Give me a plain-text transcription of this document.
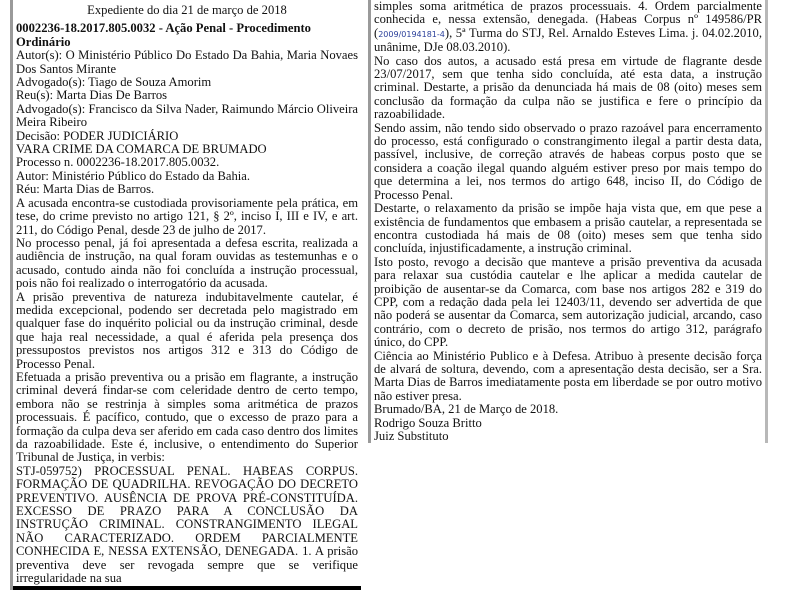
Expediente do dia 21 de março de 2018

0002236-18.2017.805.0032 - Ação Penal - Procedimento Ordinário

Autor(s): O Ministério Público Do Estado Da Bahia, Maria Novaes Dos Santos Mirante

Advogado(s): Tiago de Souza Amorim

Reu(s): Marta Dias De Barros

Advogado(s): Francisco da Silva Nader, Raimundo Márcio Oliveira Meira Ribeiro

Decisão: PODER JUDICIÁRIO

VARA CRIME DA COMARCA DE BRUMADO

Processo n. 0002236-18.2017.805.0032.

Autor: Ministério Público do Estado da Bahia.

Réu: Marta Dias de Barros.

A acusada encontra-se custodiada provisoriamente pela prática, em tese, do crime previsto no artigo 121, § 2º, inciso I, III e IV, e art. 211, do Código Penal, desde 23 de julho de 2017.

No processo penal, já foi apresentada a defesa escrita, realizada a audiência de instrução, na qual foram ouvidas as testemunhas e o acusado, contudo ainda não foi concluída a instrução processual, pois não foi realizado o interrogatório da acusada.

A prisão preventiva de natureza indubitavelmente cautelar, é medida excepcional, podendo ser decretada pelo magistrado em qualquer fase do inquérito policial ou da instrução criminal, desde que haja real necessidade, a qual é aferida pela presença dos pressupostos previstos nos artigos 312 e 313 do Código de Processo Penal.

Efetuada a prisão preventiva ou a prisão em flagrante, a instrução criminal deverá findar-se com celeridade dentro de certo tempo, embora não se restrinja à simples soma aritmética de prazos processuais. É pacífico, contudo, que o excesso de prazo para a formação da culpa deva ser aferido em cada caso dentro dos limites da razoabilidade. Este é, inclusive, o entendimento do Superior Tribunal de Justiça, in verbis:

STJ-059752) PROCESSUAL PENAL. HABEAS CORPUS. FORMAÇÃO DE QUADRILHA. REVOGAÇÃO DO DECRETO PREVENTIVO. AUSÊNCIA DE PROVA PRÉ-CONSTITUÍDA. EXCESSO DE PRAZO PARA A CONCLUSÃO DA INSTRUÇÃO CRIMINAL. CONSTRANGIMENTO ILEGAL NÃO CARACTERIZADO. ORDEM PARCIALMENTE CONHECIDA E, NESSA EXTENSÃO, DENEGADA. 1. A prisão preventiva deve ser revogada sempre que se verifique irregularidade na sua

simples soma aritmética de prazos processuais. 4. Ordem parcialmente conhecida e, nessa extensão, denegada. (Habeas Corpus nº 149586/PR (2009/0194181-4), 5ª Turma do STJ, Rel. Arnaldo Esteves Lima. j. 04.02.2010, unânime, DJe 08.03.2010).

No caso dos autos, a acusado está presa em virtude de flagrante desde 23/07/2017, sem que tenha sido concluída, até esta data, a instrução criminal. Destarte, a prisão da denunciada há mais de 08 (oito) meses sem conclusão da formação da culpa não se justifica e fere o princípio da razoabilidade.

Sendo assim, não tendo sido observado o prazo razoável para encerramento do processo, está configurado o constrangimento ilegal a partir desta data, passível, inclusive, de correção através de habeas corpus posto que se considera a coação ilegal quando alguém estiver preso por mais tempo do que determina a lei, nos termos do artigo 648, inciso II, do Código de Processo Penal.

Destarte, o relaxamento da prisão se impõe haja vista que, em que pese a existência de fundamentos que embasem a prisão cautelar, a representada se encontra custodiada há mais de 08 (oito) meses sem que tenha sido concluída, injustificadamente, a instrução criminal.

Isto posto, revogo a decisão que manteve a prisão preventiva da acusada para relaxar sua custódia cautelar e lhe aplicar a medida cautelar de proibição de ausentar-se da Comarca, com base nos artigos 282 e 319 do CPP, com a redação dada pela lei 12403/11, devendo ser advertida de que não poderá se ausentar da Comarca, sem autorização judicial, arcando, caso contrário, com o decreto de prisão, nos termos do artigo 312, parágrafo único, do CPP.

Ciência ao Ministério Publico e à Defesa. Atribuo à presente decisão força de alvará de soltura, devendo, com a apresentação desta decisão, ser a Sra. Marta Dias de Barros imediatamente posta em liberdade se por outro motivo não estiver presa.

Brumado/BA, 21 de Março de 2018.

Rodrigo Souza Britto

Juiz Substituto
